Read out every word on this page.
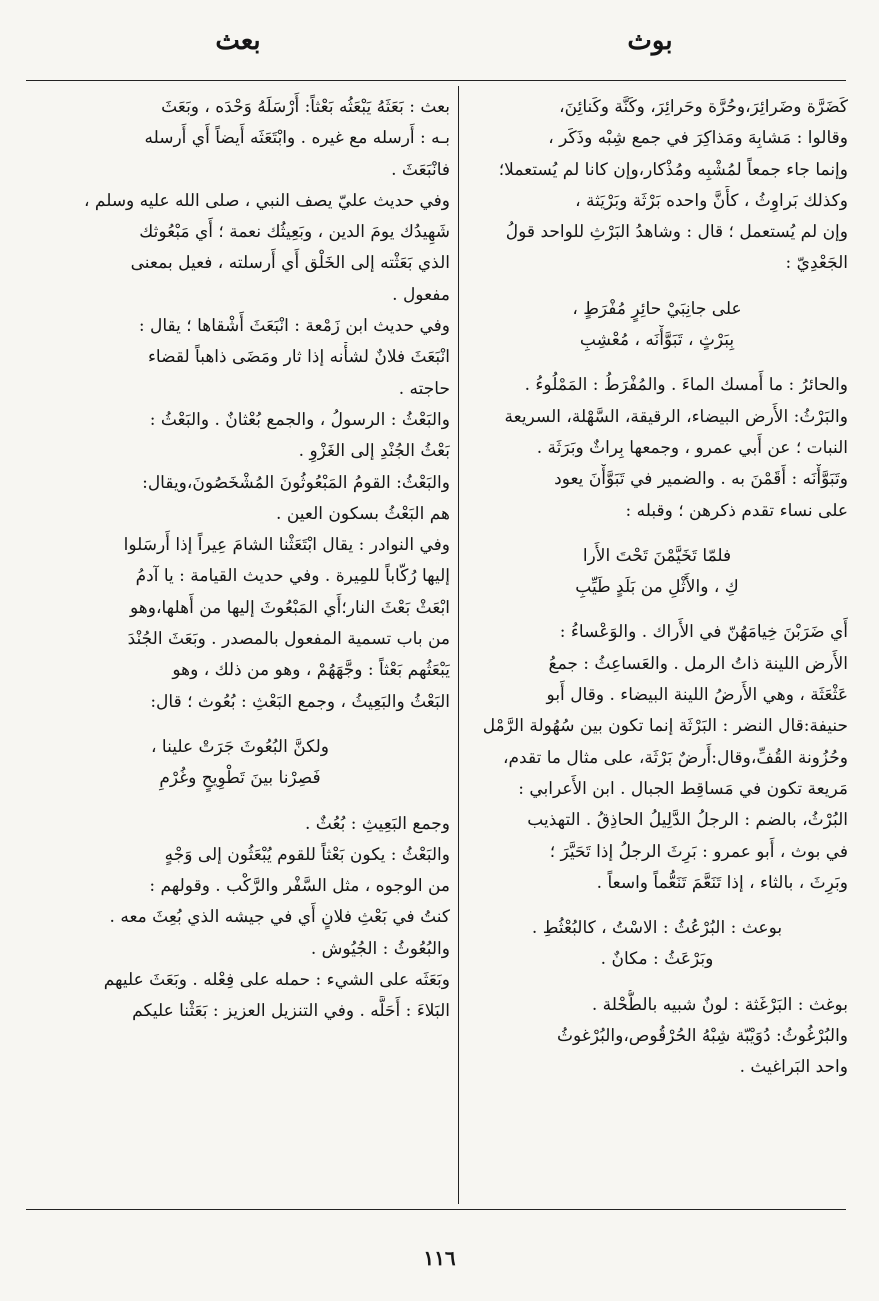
بوث
بعث
كَضَرَّة وضَرائِرَ،وحُرَّة وحَرائِرَ، وكَنَّة وكَنائِنَ،
وقالوا : مَشابِهَ ومَذاكِرَ في جمع شِبْه وذَكَر ،
وإنما جاء جمعاً لمُشْبِه ومُذْكار،وإن كانا لم يُستعملا؛
وكذلك بَراوِثُ ، كأَنَّ واحده بَرْثَة وبَرْيَثة ،
وإن لم يُستعمل ؛ قال : وشاهدُ البَرْثِ للواحد قولُ
الجَعْدِيّ :
على جانِبَيْ حائِرٍ مُفْرَطٍ ،
بِبَرْثٍ ، تَبَوَّأْنَه ، مُعْشِبِ
والحائرُ : ما أَمسك الماءَ . والمُفْرَطُ : المَمْلُوءُ .
والبَرْثُ: الأَرض البيضاء، الرقيقة، السَّهْلة، السريعة
النبات ؛ عن أَبي عمرو ، وجمعها بِراثٌ وبَرَثَة .
وتَبَوَّأْنَه : أَقَمْنَ به . والضمير في تَبَوَّأْنَ يعود
على نساء تقدم ذكرهن ؛ وقبله :
فلمّا تَخَيَّمْنَ تَحْتَ الأَرا
كِ ، والأَثْلِ من بَلَدٍ طَيِّبِ
أَي ضَرَبْنَ خِيامَهُنّ في الأَراك . والوَعْساءُ :
الأَرض اللينة ذاتُ الرمل . والعَساعِثُ : جمعُ
عَثْعَثَة ، وهي الأَرضُ اللينة البيضاء . وقال أَبو
حنيفة:قال النضر : البَرْثَة إنما تكون بين سُهُولة الرَّمْل
وحُزُونة القُفِّ،وقال:أَرضٌ بَرْثَة، على مثال ما تقدم،
مَريعة تكون في مَساقِط الجبال . ابن الأَعرابي :
البُرْثُ، بالضم : الرجلُ الدَّلِيلُ الحاذِقُ . التهذيب
في بوث ، أَبو عمرو : بَرِثَ الرجلُ إذا تَحَيَّرَ ؛
وبَرِثَ ، بالثاء ، إذا تَنَعَّمَ تَنَعُّماً واسعاً .
بوعث : البُرْعُثُ : الاسْتُ ، كالبُعْثُطِ .
وبَرْعَثُ : مكانٌ .
بوغث : البَرْغَثة : لونٌ شبيه بالطُّحْلة .
والبُرْغُوثُ: دُوَيْبّة شِبْهُ الحُرْقُوص،والبُرْغوثُ
واحد البَراغيث .
بعث : بَعَثَهُ يَبْعَثُه بَعْثاً: أَرْسَلَهُ وَحْدَه ، وبَعَثَ
بـه : أَرسله مع غيره . وابْتَعَثَه أَيضاً أَي أَرسله
فانْبَعَثَ .
وفي حديث عليّ يصف النبي ، صلى الله عليه وسلم ،
شَهِيدُك يومَ الدين ، وبَعِيثُك نعمة ؛ أَي مَبْعُوثك
الذي بَعَثْته إلى الخَلْق أَي أَرسلته ، فعيل بمعنى
مفعول .
وفي حديث ابن زَمْعة : انْبَعَثَ أَشْقاها ؛ يقال :
انْبَعَثَ فلانٌ لشأْنه إذا ثار ومَضَى ذاهباً لقضاء
حاجته .
والبَعْثُ : الرسولُ ، والجمع بُعْثانٌ . والبَعْثُ :
بَعْثُ الجُنْدِ إلى الغَزْوِ .
والبَعْثُ: القومُ المَبْعُوثُونَ المُشْخَصُونَ،ويقال:
هم البَعْثُ بسكون العين .
وفي النوادر : يقال ابْتَعَثْنا الشامَ عِيراً إذا أَرسَلوا
إليها رُكّاباً للمِيرة . وفي حديث القيامة : يا آدمُ
ابْعَثْ بَعْثَ النار؛أَي المَبْعُوثَ إليها من أَهلها،وهو
من باب تسمية المفعول بالمصدر . وبَعَثَ الجُنْدَ
يَبْعَثُهم بَعْثاً : وجَّهَهُمْ ، وهو من ذلك ، وهو
البَعْثُ والبَعِيثُ ، وجمع البَعْثِ : بُعُوث ؛ قال:
ولكنَّ البُعُوثَ جَرَتْ علينا ،
فَصِرْنا بينَ تَطْوِيحٍ وغُرْمِ
وجمع البَعِيثِ : بُعُثٌ .
والبَعْثُ : يكون بَعْثاً للقوم يُبْعَثُون إلى وَجْهٍ
من الوجوه ، مثل السَّفْر والرَّكْب . وقولهم :
كنتُ في بَعْثِ فلانٍ أَي في جيشه الذي بُعِثَ معه .
والبُعُوثُ : الجُيُوش .
وبَعَثَه على الشيء : حمله على فِعْله . وبَعَثَ عليهم
البَلاءَ : أَحَلَّه . وفي التنزيل العزيز : بَعَثْنا عليكم
١١٦
